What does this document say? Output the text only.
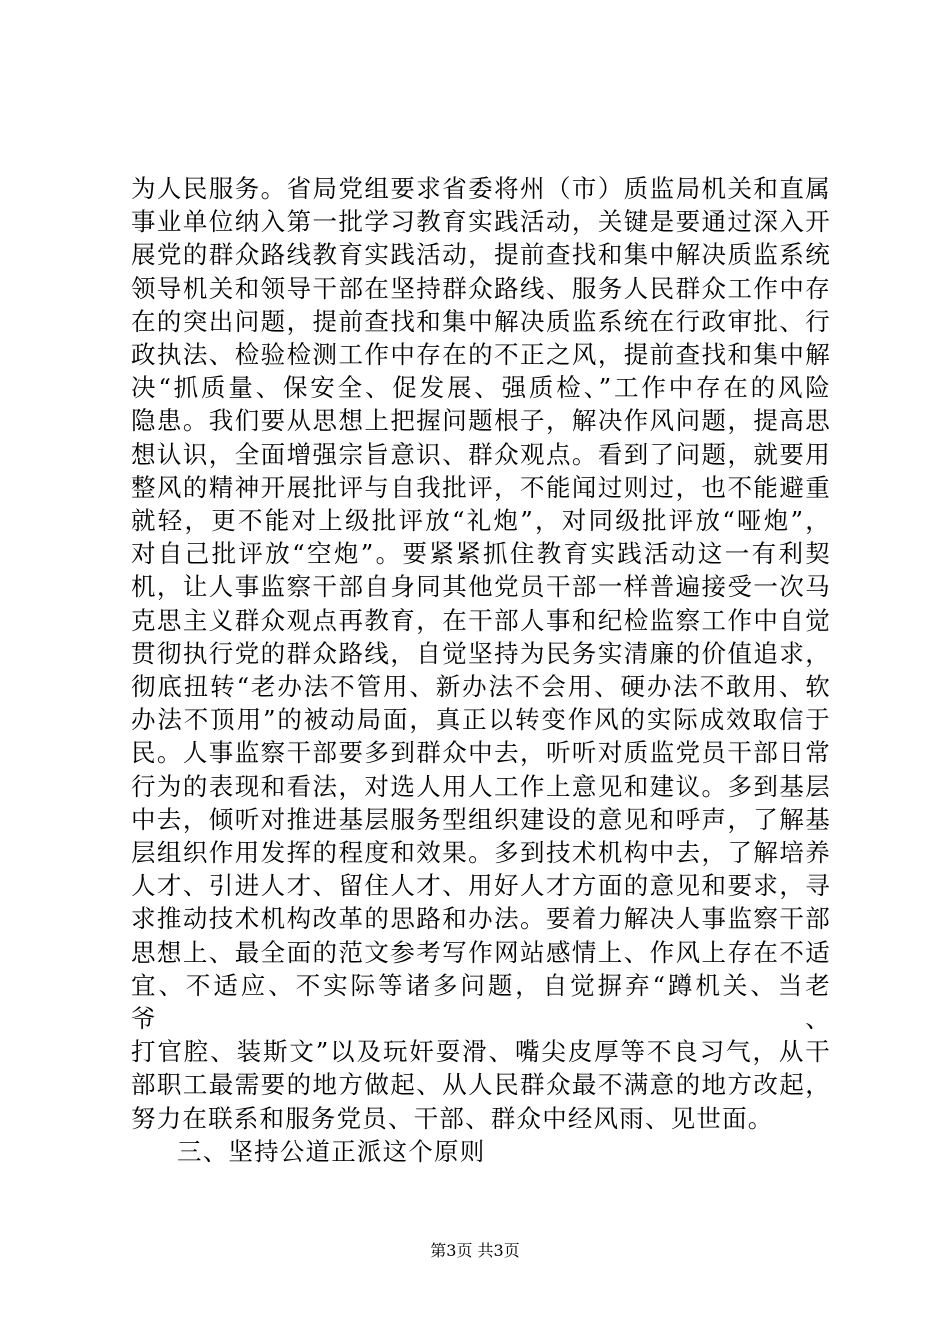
为人民服务。省局党组要求省委将州（市）质监局机关和直属
事业单位纳入第一批学习教育实践活动，关键是要通过深入开
展党的群众路线教育实践活动，提前查找和集中解决质监系统
领导机关和领导干部在坚持群众路线、服务人民群众工作中存
在的突出问题，提前查找和集中解决质监系统在行政审批、行
政执法、检验检测工作中存在的不正之风，提前查找和集中解
决“抓质量、保安全、促发展、强质检、”工作中存在的风险
隐患。我们要从思想上把握问题根子，解决作风问题，提高思
想认识，全面增强宗旨意识、群众观点。看到了问题，就要用
整风的精神开展批评与自我批评，不能闻过则过，也不能避重
就轻，更不能对上级批评放“礼炮”，对同级批评放“哑炮”，
对自己批评放“空炮”。要紧紧抓住教育实践活动这一有利契
机，让人事监察干部自身同其他党员干部一样普遍接受一次马
克思主义群众观点再教育，在干部人事和纪检监察工作中自觉
贯彻执行党的群众路线，自觉坚持为民务实清廉的价值追求，
彻底扭转“老办法不管用、新办法不会用、硬办法不敢用、软
办法不顶用”的被动局面，真正以转变作风的实际成效取信于
民。人事监察干部要多到群众中去，听听对质监党员干部日常
行为的表现和看法，对选人用人工作上意见和建议。多到基层
中去，倾听对推进基层服务型组织建设的意见和呼声，了解基
层组织作用发挥的程度和效果。多到技术机构中去，了解培养
人才、引进人才、留住人才、用好人才方面的意见和要求，寻
求推动技术机构改革的思路和办法。要着力解决人事监察干部
思想上、最全面的范文参考写作网站感情上、作风上存在不适
宜、不适应、不实际等诸多问题，自觉摒弃“蹲机关、当老爷、
打官腔、装斯文”以及玩奸耍滑、嘴尖皮厚等不良习气，从干
部职工最需要的地方做起、从人民群众最不满意的地方改起，
努力在联系和服务党员、干部、群众中经风雨、见世面。
三、坚持公道正派这个原则
第3页 共3页
